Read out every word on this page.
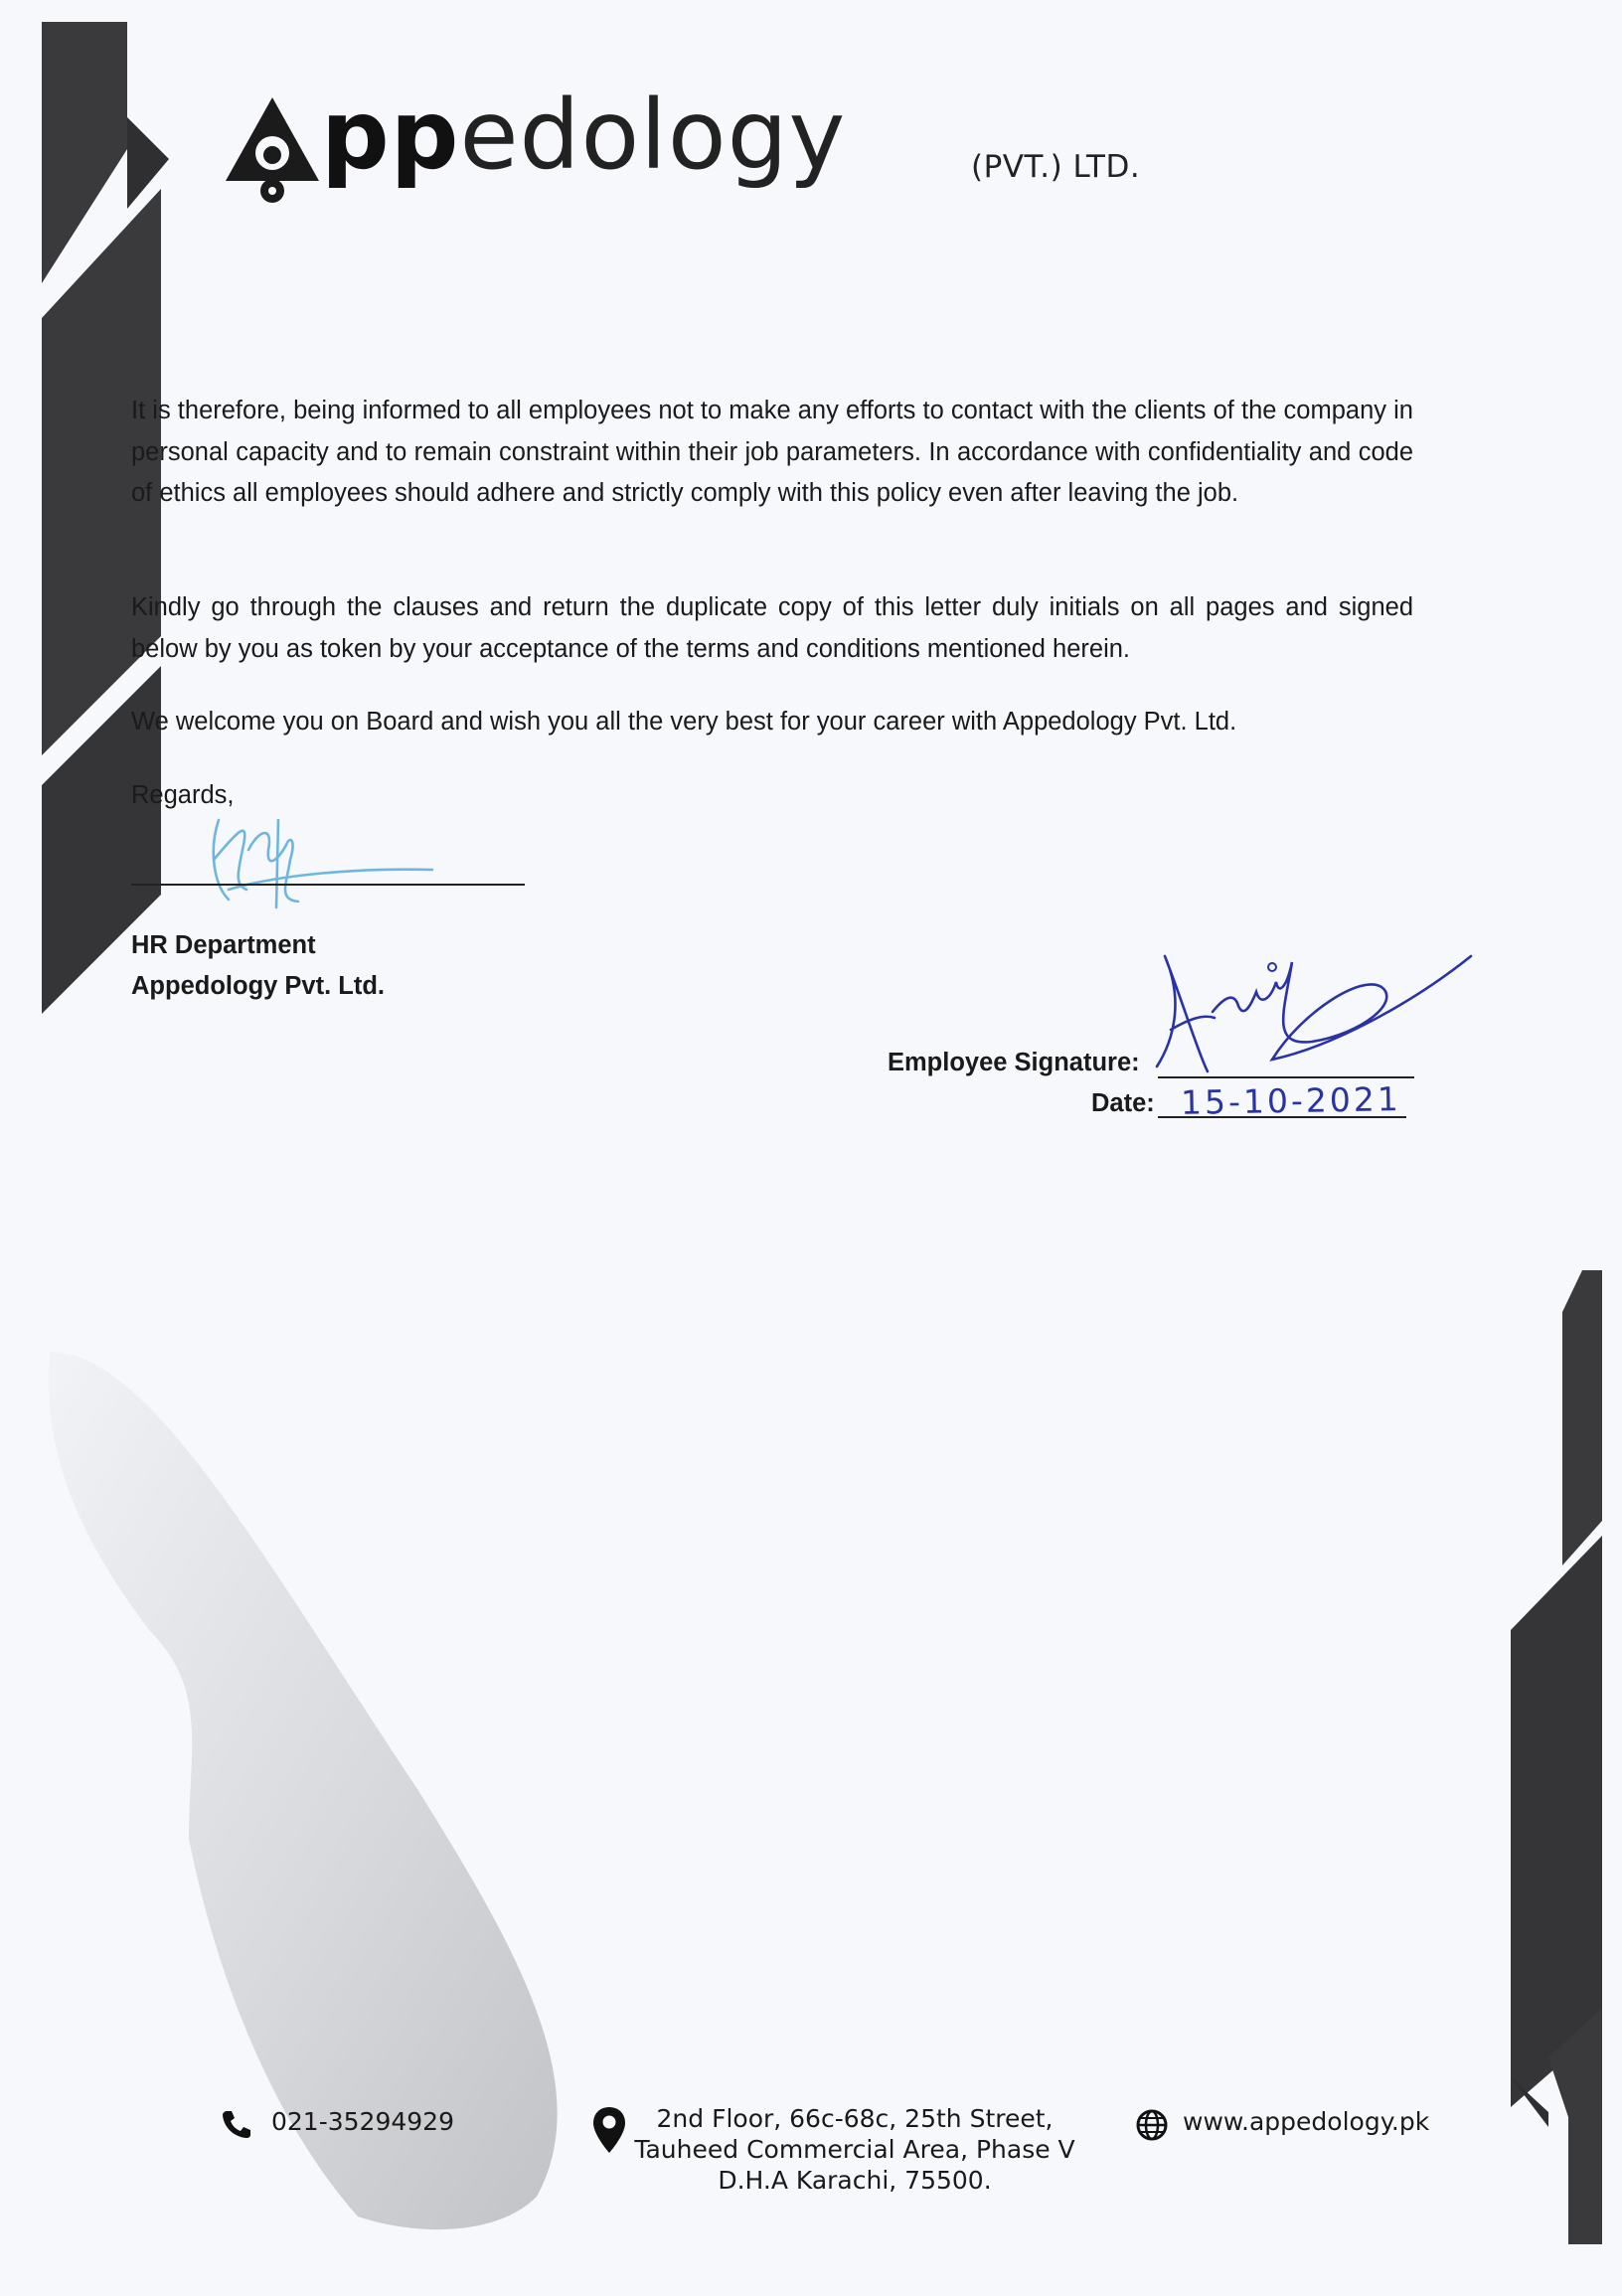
ppedology	(PVT.) LTD.

It is therefore, being informed to all employees not to make any efforts to contact with the clients of the company in personal capacity and to remain constraint within their job parameters. In accordance with confidentiality and code of ethics all employees should adhere and strictly comply with this policy even after leaving the job.

Kindly go through the clauses and return the duplicate copy of this letter duly initials on all pages and signed below by you as token by your acceptance of the terms and conditions mentioned herein.

We welcome you on Board and wish you all the very best for your career with Appedology Pvt. Ltd.

Regards,

HR Department
Appedology Pvt. Ltd.
Employee Signature:
Date: 15-10-2021
021-35294929	2nd Floor, 66c-68c, 25th Street,
Tauheed Commercial Area, Phase V
D.H.A Karachi, 75500.
www.appedology.pk
